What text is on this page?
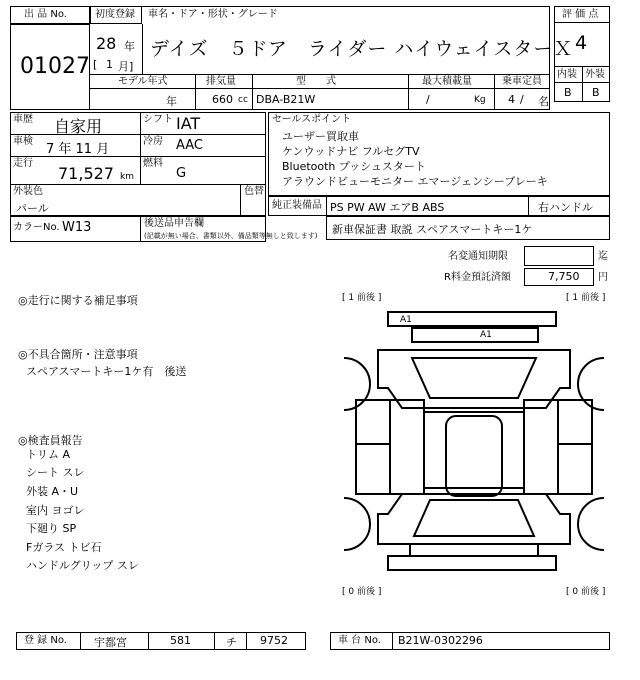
出 品 No.
01027
初度登録 車名・ドア・形状・グレード
28 年
[ 1 月]
デイズ　５ドア　ライダー ハイウェイスターＸ
モデル年式	排気量	型　　式	最大積載量	乗車定員
年	660 cc DBA-B21W	/	Kg 4 / 名
評 価 点
4
内装 外装
B B
車歴 自家用
車検
7 年 11 月
走行
71,527 km
シフト IAT
冷房 AAC
燃料
G
外装色
パール
色替
カラーNo. W13	後送品申告欄
(記載が無い場合、書類以外、備品類等無しと致します)
セールスポイント
ユーザー買取車
ケンウッドナビ フルセグTV
Bluetooth プッシュスタート
アラウンドビューモニター エマージェンシーブレーキ
純正装備品 PS PW AW エアB ABS	右ハンドル
新車保証書 取説 スペアスマートキー1ケ
名変通知期限	迄
R料金預託済額	7,750 円
◎走行に関する補足事項
◎不具合箇所・注意事項
スペアスマートキー1ケ有　後送
◎検査員報告
トリム A
シート スレ
外装 A・U
室内 ヨゴレ
下廻り SP
Fガラス トビ石
ハンドルグリップ スレ
[ 1 前後 ]	[ 1 前後 ]
[ 0 前後 ]	[ 0 前後 ]
A1
A1
登 録 No. 宇都宮	581	チ 9752	車 台 No. B21W-0302296
